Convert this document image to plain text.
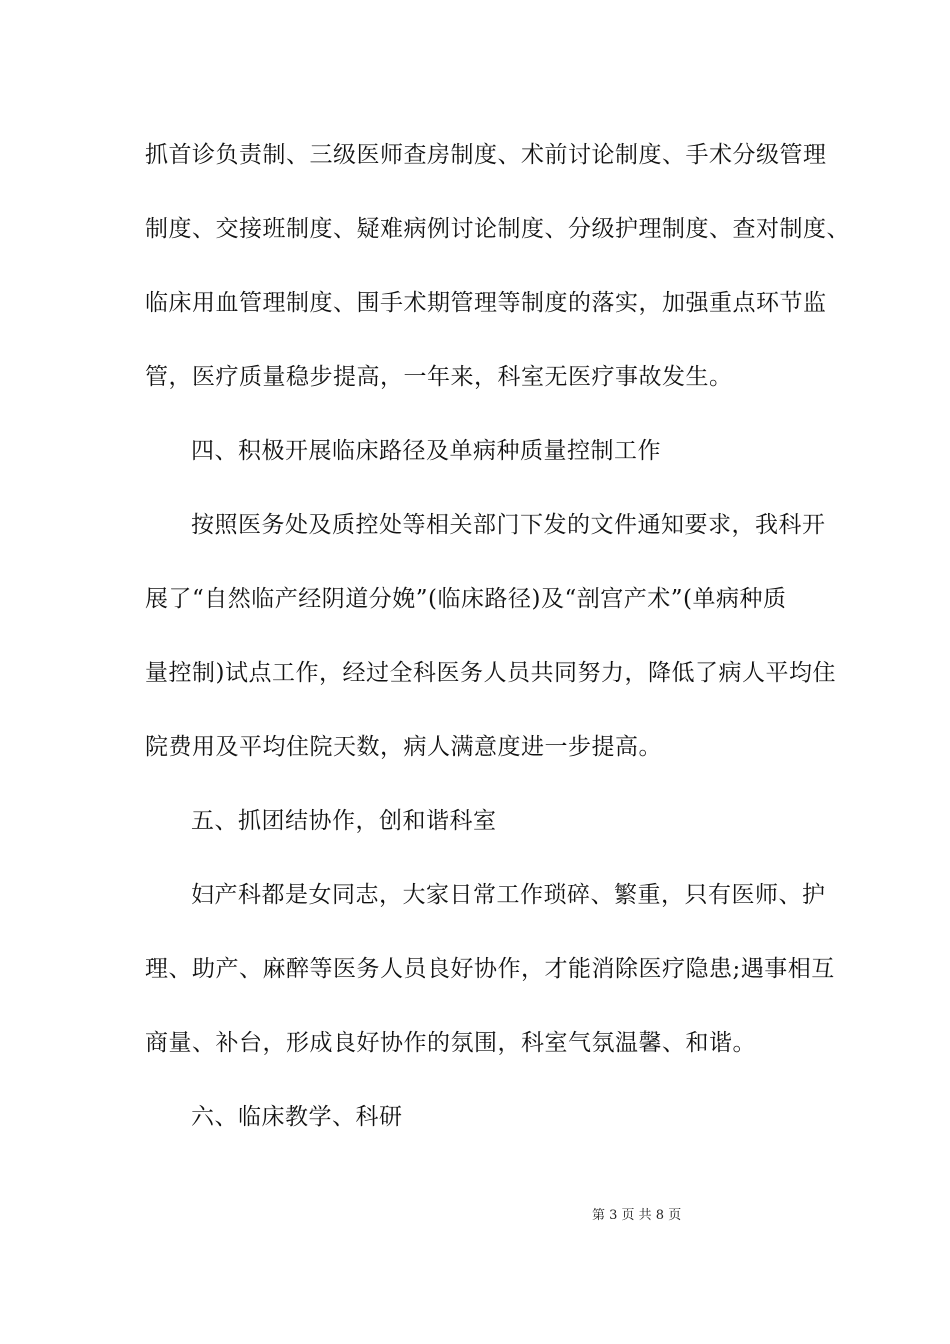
抓首诊负责制、三级医师查房制度、术前讨论制度、手术分级管理
制度、交接班制度、疑难病例讨论制度、分级护理制度、查对制度、
临床用血管理制度、围手术期管理等制度的落实，加强重点环节监
管，医疗质量稳步提高，一年来，科室无医疗事故发生。
四、积极开展临床路径及单病种质量控制工作
按照医务处及质控处等相关部门下发的文件通知要求，我科开
展了“自然临产经阴道分娩”(临床路径)及“剖宫产术”(单病种质
量控制)试点工作，经过全科医务人员共同努力，降低了病人平均住
院费用及平均住院天数，病人满意度进一步提高。
五、抓团结协作，创和谐科室
妇产科都是女同志，大家日常工作琐碎、繁重，只有医师、护
理、助产、麻醉等医务人员良好协作，才能消除医疗隐患;遇事相互
商量、补台，形成良好协作的氛围，科室气氛温馨、和谐。
六、临床教学、科研
第 3 页 共 8 页
